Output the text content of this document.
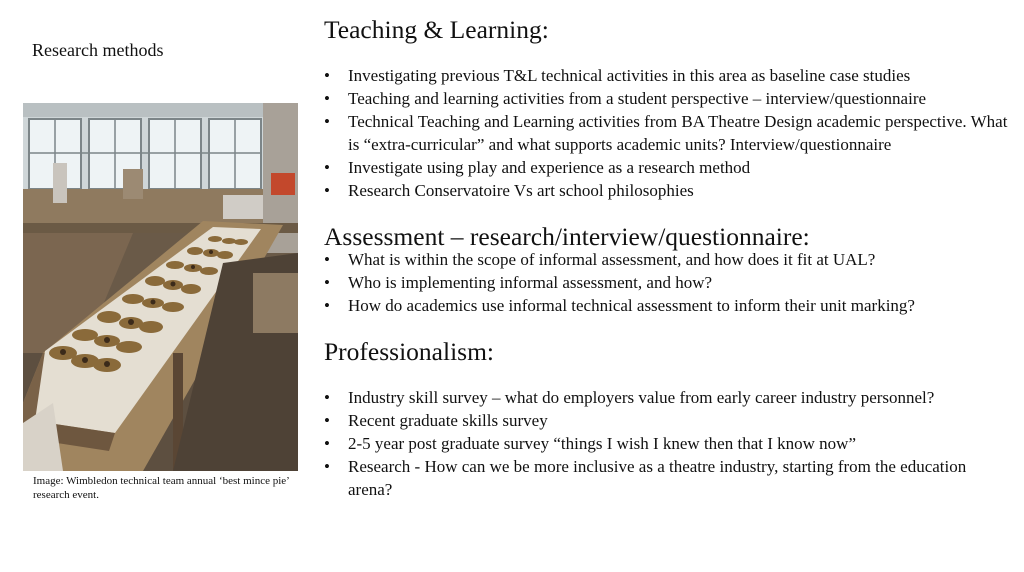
Research methods

Image: Wimbledon technical team annual ‘best mince pie’ research event.

Teaching & Learning:
• Investigating previous T&L technical activities in this area as baseline case studies
• Teaching and learning activities from a student perspective – interview/questionnaire
• Technical Teaching and Learning activities from BA Theatre Design academic perspective. What is “extra-curricular” and what supports academic units? Interview/questionnaire
• Investigate using play and experience as a research method
• Research Conservatoire Vs art school philosophies
Assessment – research/interview/questionnaire:
• What is within the scope of informal assessment, and how does it fit at UAL?
• Who is implementing informal assessment, and how?
• How do academics use informal technical assessment to inform their unit marking?
Professionalism:
• Industry skill survey – what do employers value from early career industry personnel?
• Recent graduate skills survey
• 2-5 year post graduate survey “things I wish I knew then that I know now”
• Research - How can we be more inclusive as a theatre industry, starting from the education arena?
